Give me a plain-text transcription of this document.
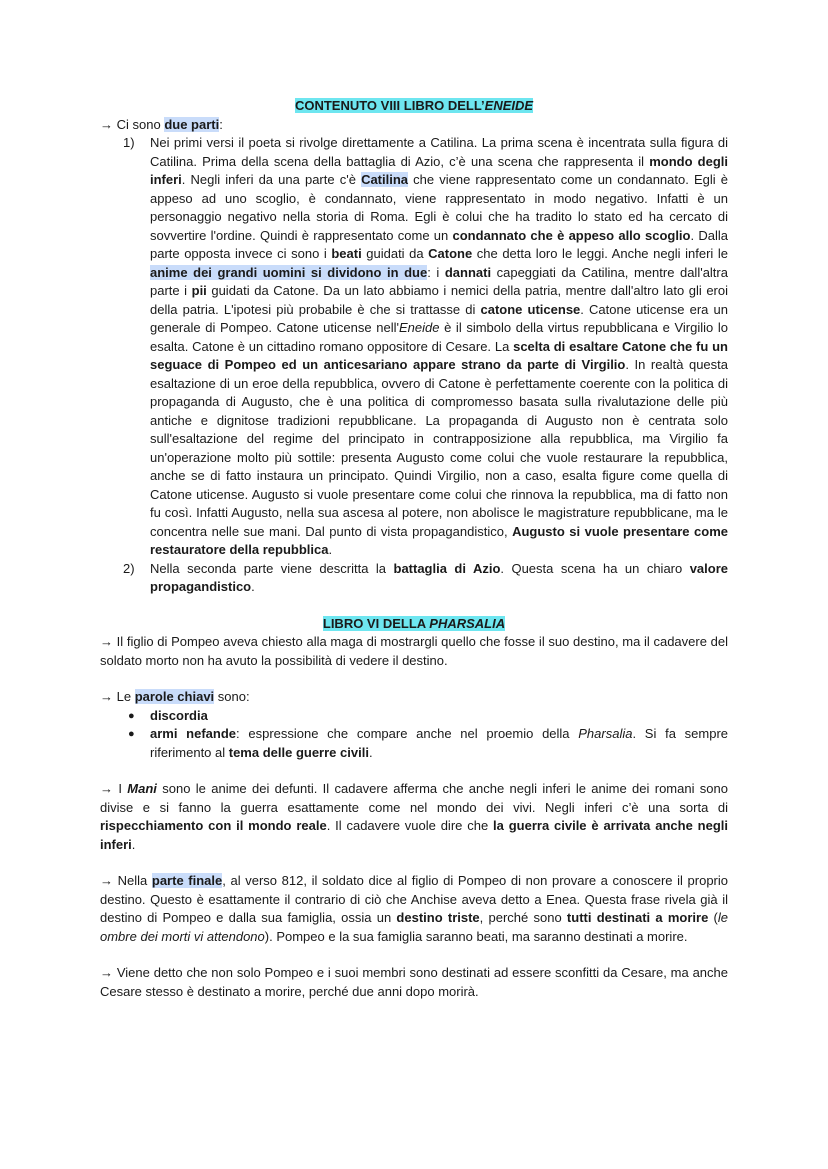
CONTENUTO VIII LIBRO DELL’ENEIDE

→ Ci sono due parti:

1) Nei primi versi il poeta si rivolge direttamente a Catilina. La prima scena è incentrata sulla figura di Catilina. Prima della scena della battaglia di Azio, c’è una scena che rappresenta il mondo degli inferi. Negli inferi da una parte c'è Catilina che viene rappresentato come un condannato. Egli è appeso ad uno scoglio, è condannato, viene rappresentato in modo negativo. Infatti è un personaggio negativo nella storia di Roma. Egli è colui che ha tradito lo stato ed ha cercato di sovvertire l'ordine. Quindi è rappresentato come un condannato che è appeso allo scoglio. Dalla parte opposta invece ci sono i beati guidati da Catone che detta loro le leggi. Anche negli inferi le anime dei grandi uomini si dividono in due: i dannati capeggiati da Catilina, mentre dall'altra parte i pii guidati da Catone. Da un lato abbiamo i nemici della patria, mentre dall'altro lato gli eroi della patria. L'ipotesi più probabile è che si trattasse di catone uticense. Catone uticense era un generale di Pompeo. Catone uticense nell'Eneide è il simbolo della virtus repubblicana e Virgilio lo esalta. Catone è un cittadino romano oppositore di Cesare. La scelta di esaltare Catone che fu un seguace di Pompeo ed un anticesariano appare strano da parte di Virgilio. In realtà questa esaltazione di un eroe della repubblica, ovvero di Catone è perfettamente coerente con la politica di propaganda di Augusto, che è una politica di compromesso basata sulla rivalutazione delle più antiche e dignitose tradizioni repubblicane. La propaganda di Augusto non è centrata solo sull'esaltazione del regime del principato in contrapposizione alla repubblica, ma Virgilio fa un'operazione molto più sottile: presenta Augusto come colui che vuole restaurare la repubblica, anche se di fatto instaura un principato. Quindi Virgilio, non a caso, esalta figure come quella di Catone uticense. Augusto si vuole presentare come colui che rinnova la repubblica, ma di fatto non fu così. Infatti Augusto, nella sua ascesa al potere, non abolisce le magistrature repubblicane, ma le concentra nelle sue mani. Dal punto di vista propagandistico, Augusto si vuole presentare come restauratore della repubblica.
2) Nella seconda parte viene descritta la battaglia di Azio. Questa scena ha un chiaro valore propagandistico.

LIBRO VI DELLA PHARSALIA

→ Il figlio di Pompeo aveva chiesto alla maga di mostrargli quello che fosse il suo destino, ma il cadavere del soldato morto non ha avuto la possibilità di vedere il destino.

→ Le parole chiavi sono:

● discordia
● armi nefande: espressione che compare anche nel proemio della Pharsalia. Si fa sempre riferimento al tema delle guerre civili.

→ I Mani sono le anime dei defunti. Il cadavere afferma che anche negli inferi le anime dei romani sono divise e si fanno la guerra esattamente come nel mondo dei vivi. Negli inferi c’è una sorta di rispecchiamento con il mondo reale. Il cadavere vuole dire che la guerra civile è arrivata anche negli inferi.

→ Nella parte finale, al verso 812, il soldato dice al figlio di Pompeo di non provare a conoscere il proprio destino. Questo è esattamente il contrario di ciò che Anchise aveva detto a Enea. Questa frase rivela già il destino di Pompeo e dalla sua famiglia, ossia un destino triste, perché sono tutti destinati a morire (le ombre dei morti vi attendono). Pompeo e la sua famiglia saranno beati, ma saranno destinati a morire.

→ Viene detto che non solo Pompeo e i suoi membri sono destinati ad essere sconfitti da Cesare, ma anche Cesare stesso è destinato a morire, perché due anni dopo morirà.
